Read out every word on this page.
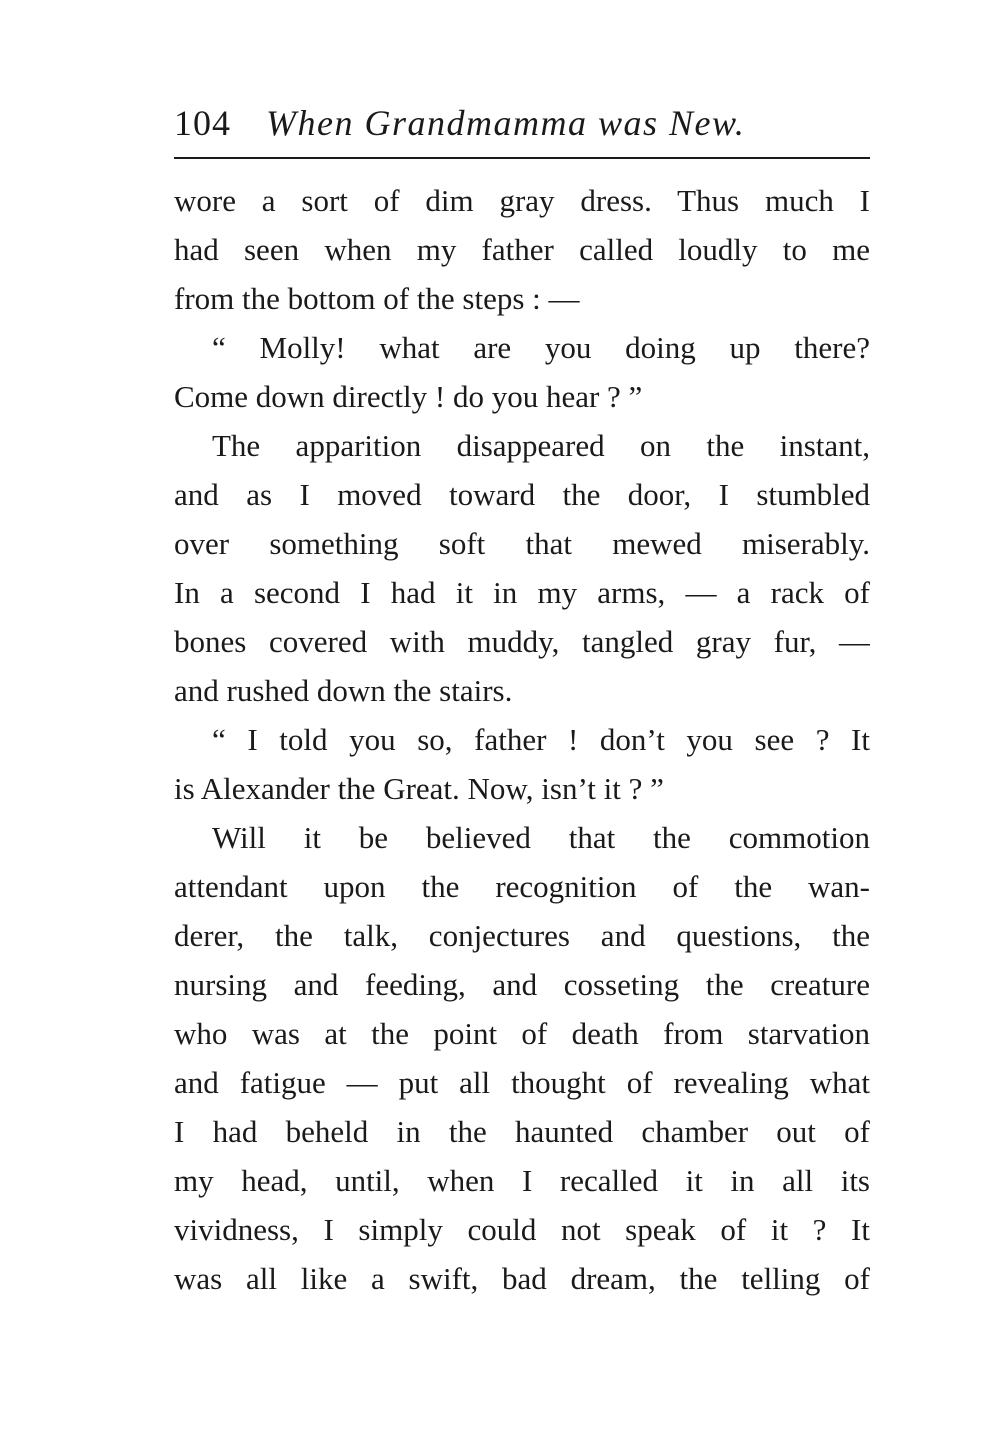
104 When Grandmamma was New.
wore a sort of dim gray dress. Thus much I
had seen when my father called loudly to me
from the bottom of the steps : —
“ Molly! what are you doing up there?
Come down directly ! do you hear ? ”
The apparition disappeared on the instant,
and as I moved toward the door, I stumbled
over something soft that mewed miserably.
In a second I had it in my arms, — a rack of
bones covered with muddy, tangled gray fur, —
and rushed down the stairs.
“ I told you so, father ! don’t you see ? It
is Alexander the Great. Now, isn’t it ? ”
Will it be believed that the commotion
attendant upon the recognition of the wan-
derer, the talk, conjectures and questions, the
nursing and feeding, and cosseting the creature
who was at the point of death from starvation
and fatigue — put all thought of revealing what
I had beheld in the haunted chamber out of
my head, until, when I recalled it in all its
vividness, I simply could not speak of it ? It
was all like a swift, bad dream, the telling of
